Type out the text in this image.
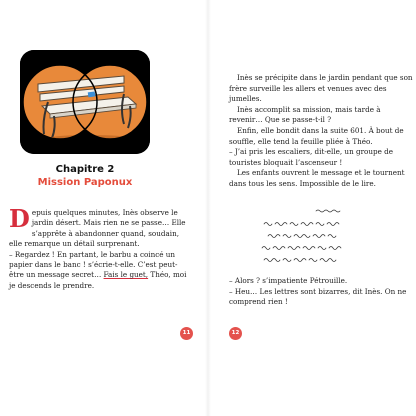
Chapitre 2
Mission Paponux

Depuis quelques minutes, Inès observe le jardin désert. Mais rien ne se passe… Elle s’apprête à abandonner quand, soudain, elle remarque un détail surprenant.

– Regardez ! En partant, le barbu a coincé un papier dans le banc ! s’écrie-t-elle. C’est peut-être un message secret… Fais le guet, Théo, moi je descends le prendre.

11

Inès se précipite dans le jardin pendant que son frère surveille les allers et venues avec des jumelles.

Inès accomplit sa mission, mais tarde à revenir… Que se passe-t-il ?

Enfin, elle bondit dans la suite 601. À bout de souffle, elle tend la feuille pliée à Théo.

– J’ai pris les escaliers, dit-elle, un groupe de touristes bloquait l’ascenseur !

Les enfants ouvrent le message et le tournent dans tous les sens. Impossible de le lire.

– Alors ? s’impatiente Pétrouille.

– Heu… Les lettres sont bizarres, dit Inès. On ne comprend rien !

12
